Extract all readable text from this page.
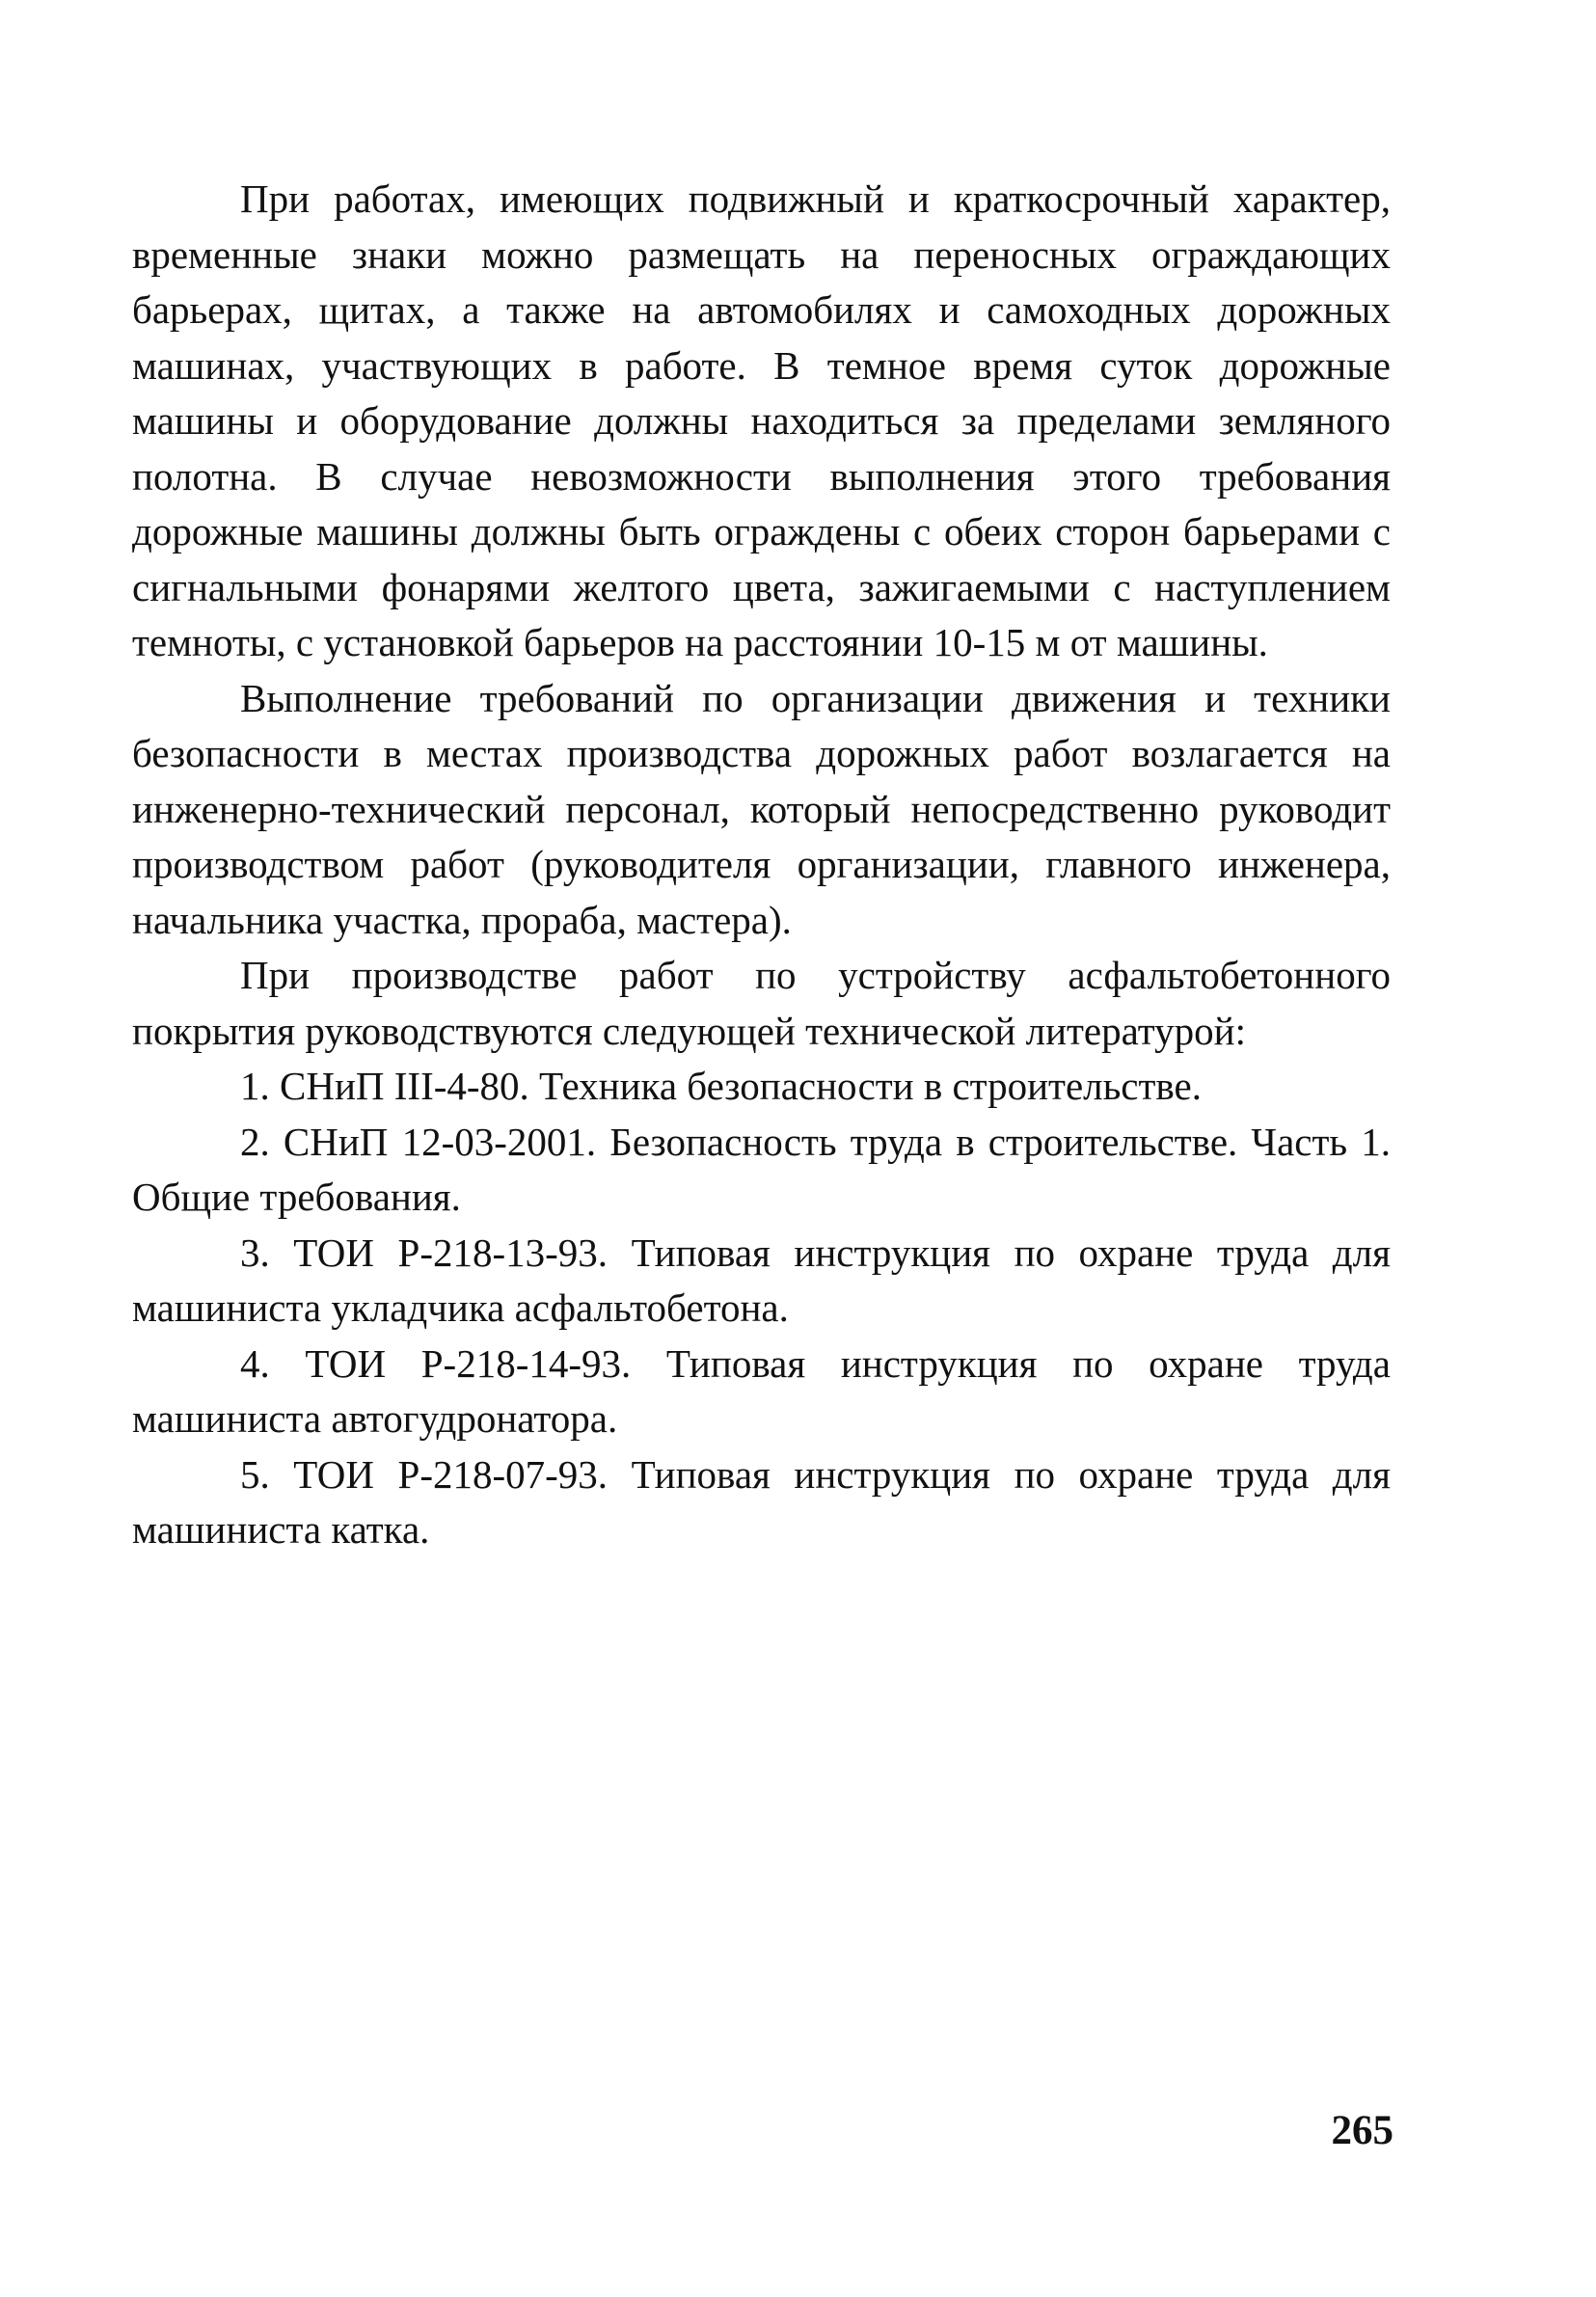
При работах, имеющих подвижный и краткосрочный характер, временные знаки можно размещать на переносных ограждающих барьерах, щитах, а также на автомобилях и самоходных дорожных машинах, участвующих в работе. В темное время суток дорожные машины и оборудование должны находиться за пределами земляного полотна. В случае невозможности выполнения этого требования дорожные машины должны быть ограждены с обеих сторон барьерами с сигнальными фонарями желтого цвета, зажигаемыми с наступлением темноты, с установкой барьеров на расстоянии 10-15 м от машины.

Выполнение требований по организации движения и техники безопасности в местах производства дорожных работ возлагается на инженерно-технический персонал, который непосредственно руководит производством работ (руководителя организации, главного инженера, начальника участка, прораба, мастера).

При производстве работ по устройству асфальтобетонного покрытия руководствуются следующей технической литературой:

1. СНиП III-4-80. Техника безопасности в строительстве.

2. СНиП 12-03-2001. Безопасность труда в строительстве. Часть 1. Общие требования.

3. ТОИ Р-218-13-93. Типовая инструкция по охране труда для машиниста укладчика асфальтобетона.

4. ТОИ Р-218-14-93. Типовая инструкция по охране труда машиниста автогудронатора.

5. ТОИ Р-218-07-93. Типовая инструкция по охране труда для машиниста катка.

265
